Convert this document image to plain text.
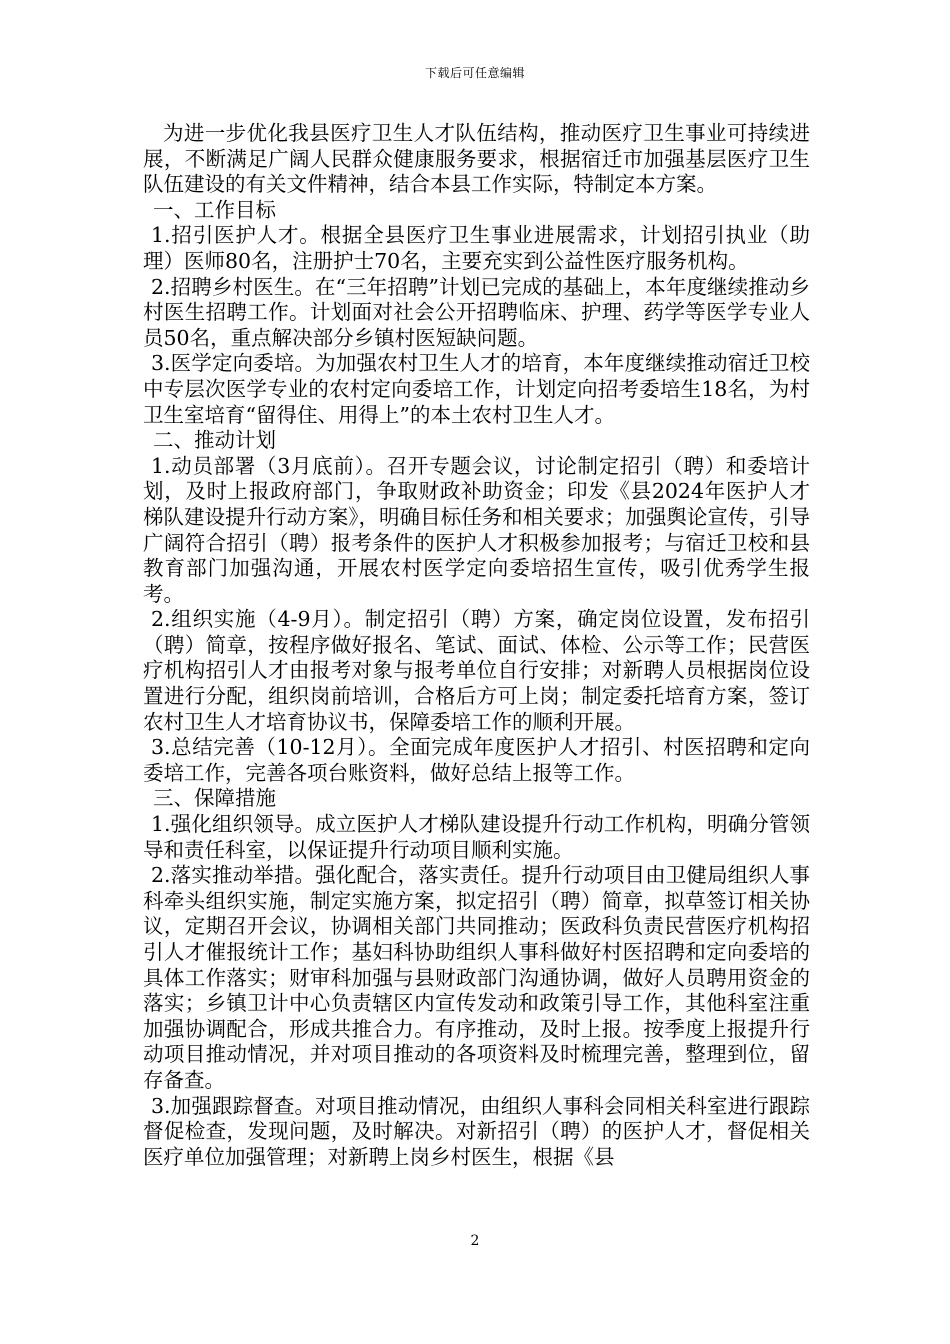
下载后可任意编辑

为进一步优化我县医疗卫生人才队伍结构，推动医疗卫生事业可持续进展，不断满足广阔人民群众健康服务要求，根据宿迁市加强基层医疗卫生队伍建设的有关文件精神，结合本县工作实际，特制定本方案。

一、工作目标

1.招引医护人才。根据全县医疗卫生事业进展需求，计划招引执业（助理）医师80名，注册护士70名，主要充实到公益性医疗服务机构。

2.招聘乡村医生。在“三年招聘”计划已完成的基础上，本年度继续推动乡村医生招聘工作。计划面对社会公开招聘临床、护理、药学等医学专业人员50名，重点解决部分乡镇村医短缺问题。

3.医学定向委培。为加强农村卫生人才的培育，本年度继续推动宿迁卫校中专层次医学专业的农村定向委培工作，计划定向招考委培生18名，为村卫生室培育“留得住、用得上”的本土农村卫生人才。

二、推动计划

1.动员部署（3月底前）。召开专题会议，讨论制定招引（聘）和委培计划，及时上报政府部门，争取财政补助资金；印发《县2024年医护人才梯队建设提升行动方案》，明确目标任务和相关要求；加强舆论宣传，引导广阔符合招引（聘）报考条件的医护人才积极参加报考；与宿迁卫校和县教育部门加强沟通，开展农村医学定向委培招生宣传，吸引优秀学生报考。

2.组织实施（4-9月）。制定招引（聘）方案，确定岗位设置，发布招引（聘）简章，按程序做好报名、笔试、面试、体检、公示等工作；民营医疗机构招引人才由报考对象与报考单位自行安排；对新聘人员根据岗位设置进行分配，组织岗前培训，合格后方可上岗；制定委托培育方案，签订农村卫生人才培育协议书，保障委培工作的顺利开展。

3.总结完善（10-12月）。全面完成年度医护人才招引、村医招聘和定向委培工作，完善各项台账资料，做好总结上报等工作。

三、保障措施

1.强化组织领导。成立医护人才梯队建设提升行动工作机构，明确分管领导和责任科室，以保证提升行动项目顺利实施。

2.落实推动举措。强化配合，落实责任。提升行动项目由卫健局组织人事科牵头组织实施，制定实施方案，拟定招引（聘）简章，拟草签订相关协议，定期召开会议，协调相关部门共同推动；医政科负责民营医疗机构招引人才催报统计工作；基妇科协助组织人事科做好村医招聘和定向委培的具体工作落实；财审科加强与县财政部门沟通协调，做好人员聘用资金的落实；乡镇卫计中心负责辖区内宣传发动和政策引导工作，其他科室注重加强协调配合，形成共推合力。有序推动，及时上报。按季度上报提升行动项目推动情况，并对项目推动的各项资料及时梳理完善，整理到位，留存备查。

3.加强跟踪督查。对项目推动情况，由组织人事科会同相关科室进行跟踪督促检查，发现问题，及时解决。对新招引（聘）的医护人才，督促相关医疗单位加强管理；对新聘上岗乡村医生，根据《县

2
